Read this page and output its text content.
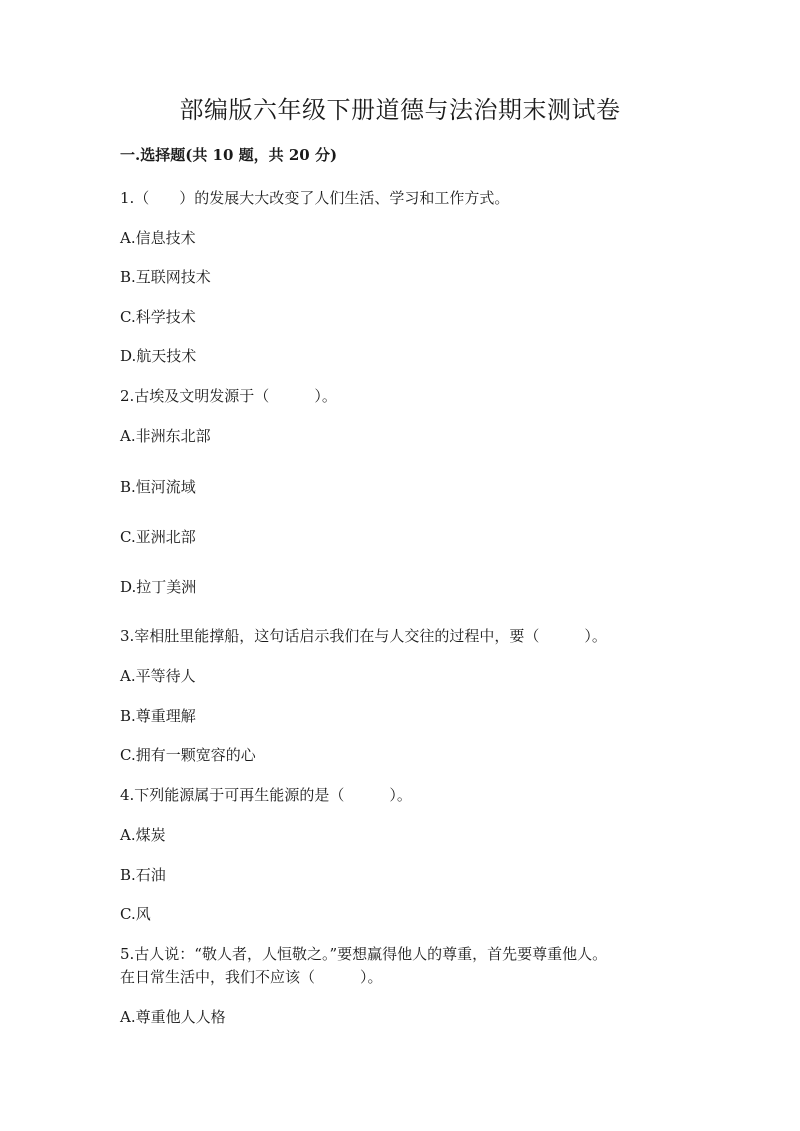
部编版六年级下册道德与法治期末测试卷
一.选择题(共 10 题，共 20 分)
1.（　　）的发展大大改变了人们生活、学习和工作方式。
A.信息技术
B.互联网技术
C.科学技术
D.航天技术
2.古埃及文明发源于（　　　）。
A.非洲东北部
B.恒河流域
C.亚洲北部
D.拉丁美洲
3.宰相肚里能撑船，这句话启示我们在与人交往的过程中，要（　　　）。
A.平等待人
B.尊重理解
C.拥有一颗宽容的心
4.下列能源属于可再生能源的是（　　　）。
A.煤炭
B.石油
C.风
5.古人说：“敬人者，人恒敬之。”要想赢得他人的尊重，首先要尊重他人。
在日常生活中，我们不应该（　　　）。
A.尊重他人人格
